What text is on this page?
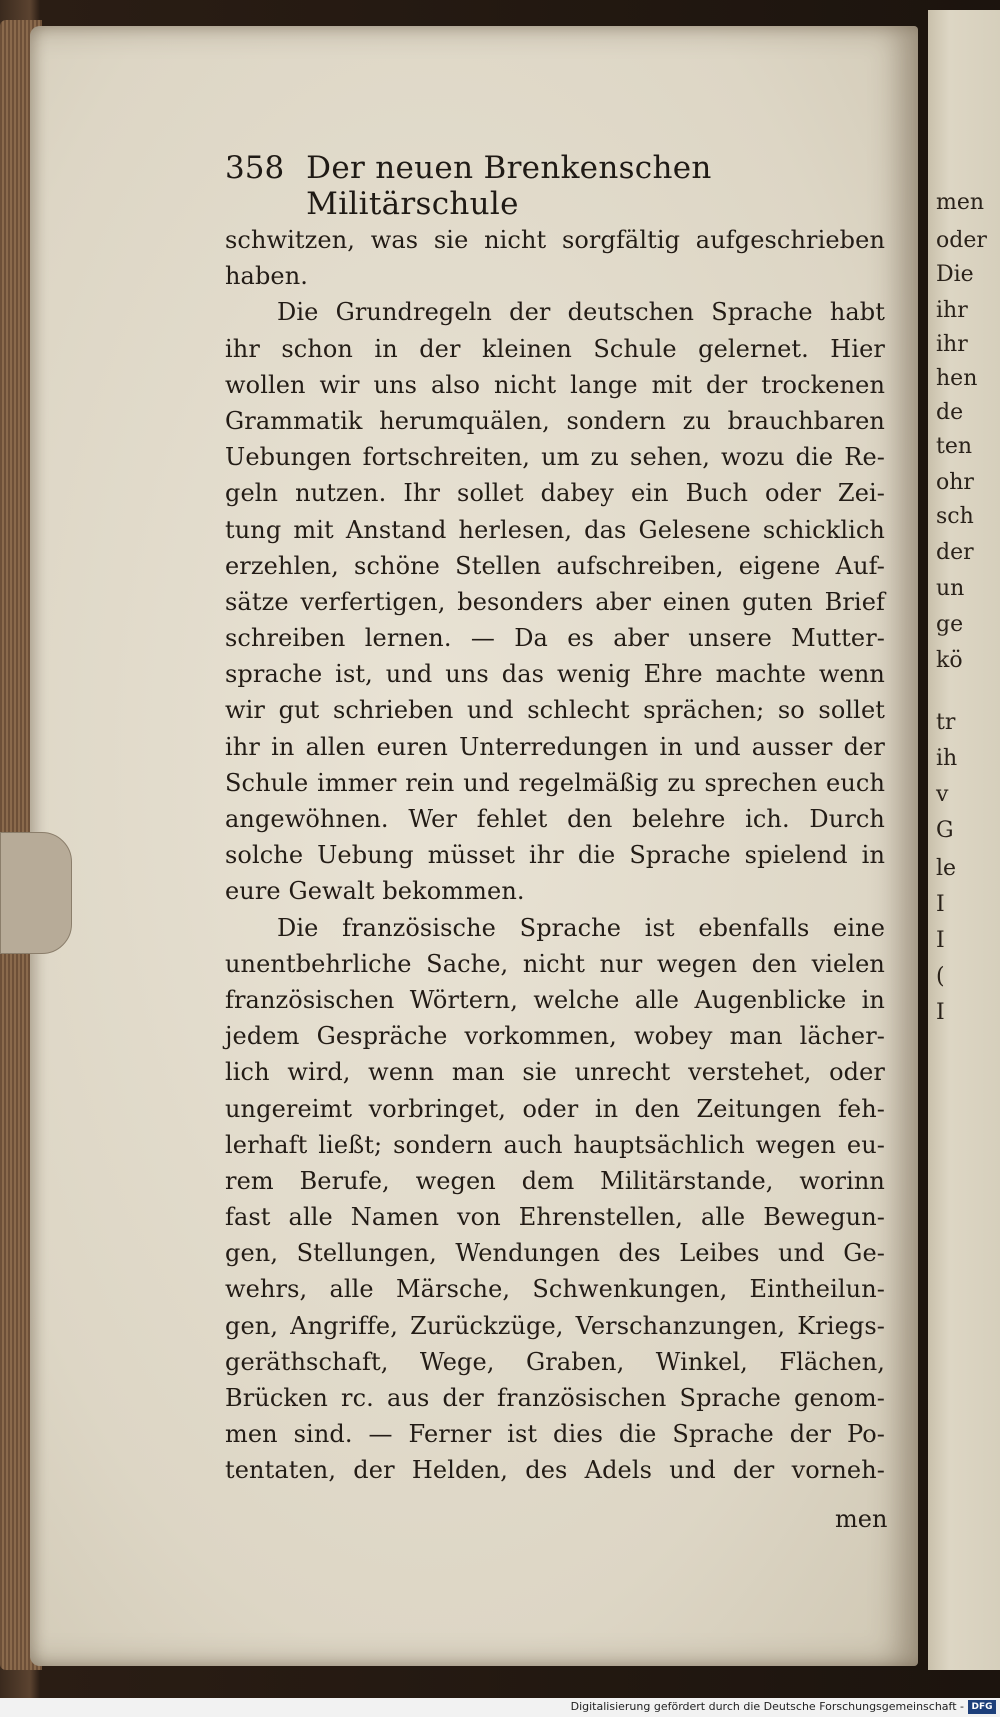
men
oder
Die
ihr
ihr
hen
de
ten
ohr
sch
der
un
ge
kö
tr
ih
v
G
le
I
I
(
I
358 Der neuen Brenkenschen Militärschule
schwitzen, was sie nicht sorgfältig aufgeschrieben
haben.
Die Grundregeln der deutschen Sprache habt
ihr schon in der kleinen Schule gelernet. Hier
wollen wir uns also nicht lange mit der trockenen
Grammatik herumquälen, sondern zu brauchbaren
Uebungen fortschreiten, um zu sehen, wozu die Re-
geln nutzen. Ihr sollet dabey ein Buch oder Zei-
tung mit Anstand herlesen, das Gelesene schicklich
erzehlen, schöne Stellen aufschreiben, eigene Auf-
sätze verfertigen, besonders aber einen guten Brief
schreiben lernen. — Da es aber unsere Mutter-
sprache ist, und uns das wenig Ehre machte wenn
wir gut schrieben und schlecht sprächen; so sollet
ihr in allen euren Unterredungen in und ausser der
Schule immer rein und regelmäßig zu sprechen euch
angewöhnen. Wer fehlet den belehre ich. Durch
solche Uebung müsset ihr die Sprache spielend in
eure Gewalt bekommen.
Die französische Sprache ist ebenfalls eine
unentbehrliche Sache, nicht nur wegen den vielen
französischen Wörtern, welche alle Augenblicke in
jedem Gespräche vorkommen, wobey man lächer-
lich wird, wenn man sie unrecht verstehet, oder
ungereimt vorbringet, oder in den Zeitungen feh-
lerhaft ließt; sondern auch hauptsächlich wegen eu-
rem Berufe, wegen dem Militärstande, worinn
fast alle Namen von Ehrenstellen, alle Bewegun-
gen, Stellungen, Wendungen des Leibes und Ge-
wehrs, alle Märsche, Schwenkungen, Eintheilun-
gen, Angriffe, Zurückzüge, Verschanzungen, Kriegs-
geräthschaft, Wege, Graben, Winkel, Flächen,
Brücken rc. aus der französischen Sprache genom-
men sind. — Ferner ist dies die Sprache der Po-
tentaten, der Helden, des Adels und der vorneh-
men
Digitalisierung gefördert durch die Deutsche Forschungsgemeinschaft - DFG
